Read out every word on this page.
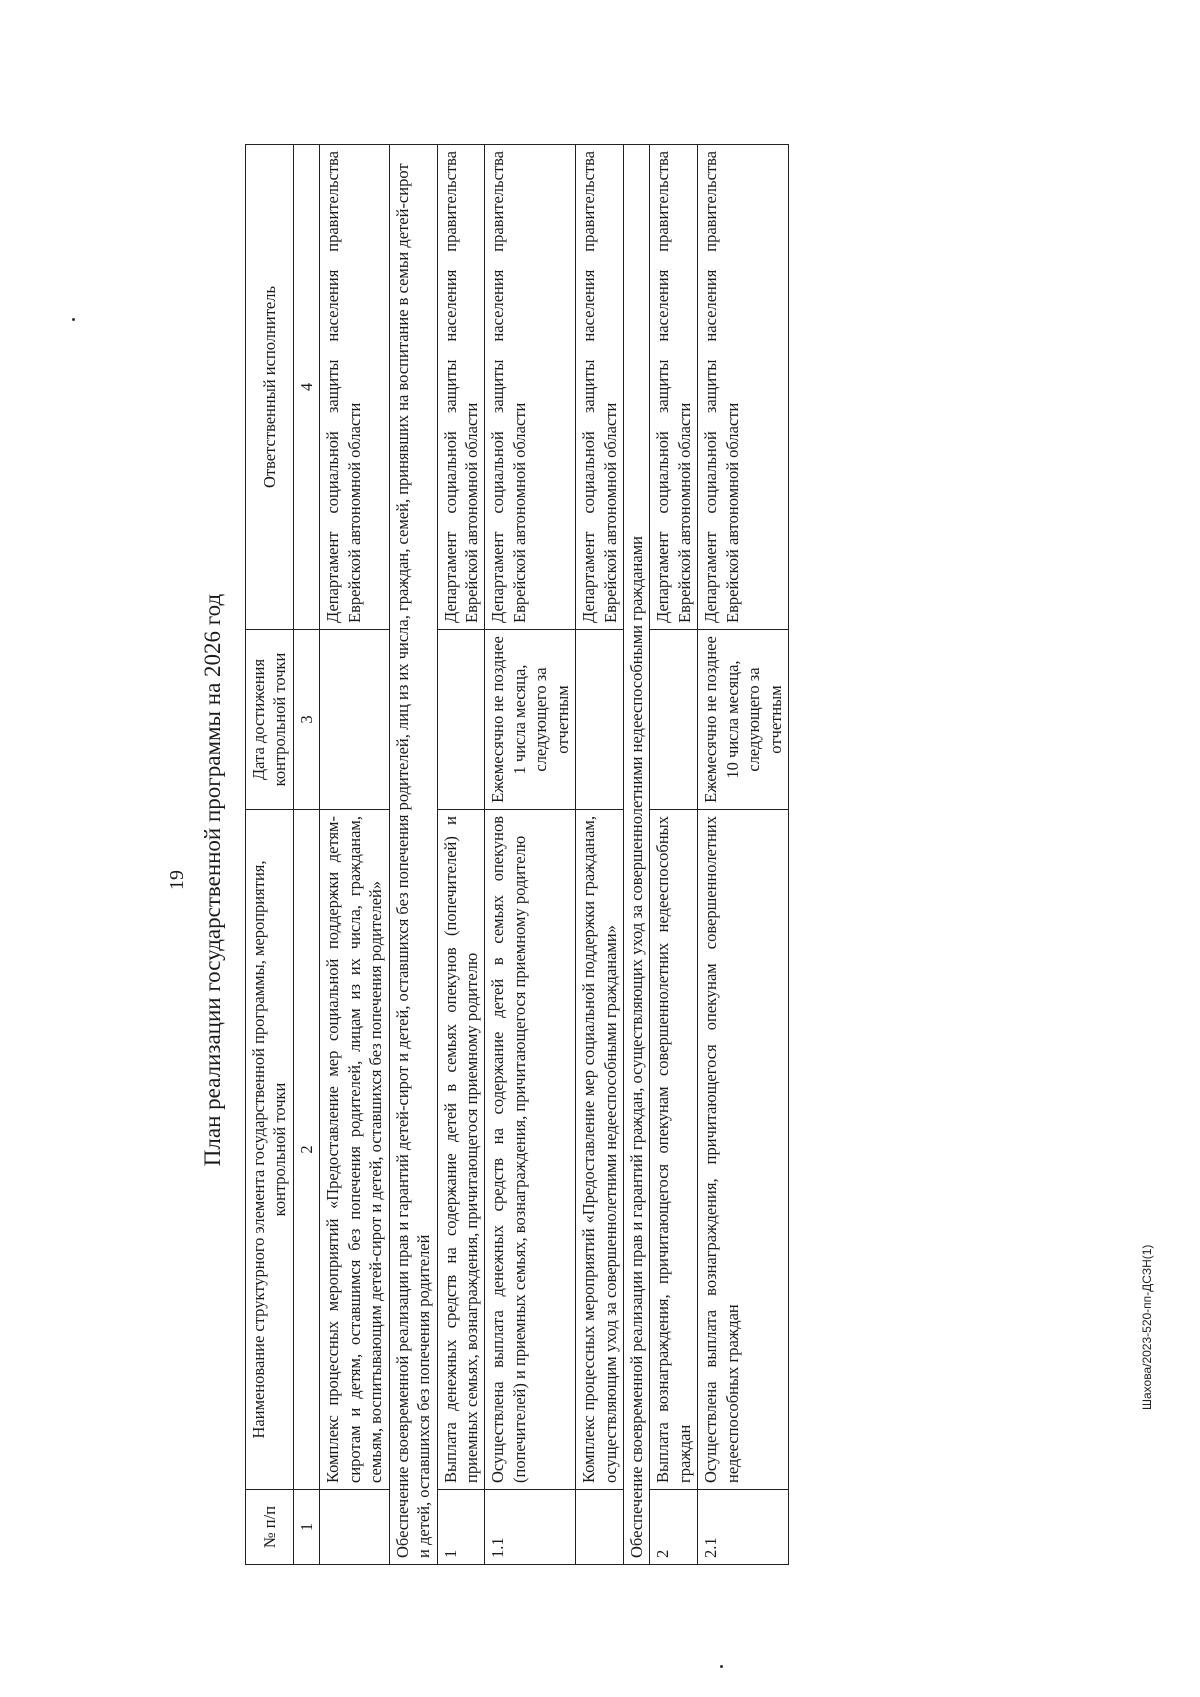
19 План реализации государственной программы на 2026 год
№ п/п	Наименование структурного элемента государственной программы, мероприятия, контрольной точки	Дата достижения контрольной точки	Ответственный исполнитель
1	2	3	4
	Комплекс процессных мероприятий «Предоставление мер социальной поддержки детям-сиротам и детям, оставшимся без попечения родителей, лицам из их числа, гражданам, семьям, воспитывающим детей-сирот и детей, оставшихся без попечения родителей»		Департамент социальной защиты населения правительства Еврейской автономной области
Обеспечение своевременной реализации прав и гарантий детей-сирот и детей, оставшихся без попечения родителей, лиц из их числа, граждан, семей, принявших на воспитание в семьи детей-сирот и детей, оставшихся без попечения родителей			
1	Выплата денежных средств на содержание детей в семьях опекунов (попечителей) и приемных семьях, вознаграждения, причитающегося приемному родителю		Департамент социальной защиты населения правительства Еврейской автономной области
1.1	Осуществлена выплата денежных средств на содержание детей в семьях опекунов (попечителей) и приемных семьях, вознаграждения, причитающегося приемному родителю	Ежемесячно не позднее 1 числа месяца, следующего за отчетным	Департамент социальной защиты населения правительства Еврейской автономной области
	Комплекс процессных мероприятий «Предоставление мер социальной поддержки гражданам, осуществляющим уход за совершеннолетними недееспособными гражданами»		Департамент социальной защиты населения правительства Еврейской автономной области
Обеспечение своевременной реализации прав и гарантий граждан, осуществляющих уход за совершеннолетними недееспособными гражданами			
2	Выплата вознаграждения, причитающегося опекунам совершеннолетних недееспособных граждан		Департамент социальной защиты населения правительства Еврейской автономной области
2.1	Осуществлена выплата вознаграждения, причитающегося опекунам совершеннолетних недееспособных граждан	Ежемесячно не позднее 10 числа месяца, следующего за отчетным	Департамент социальной защиты населения правительства Еврейской автономной области
Шахова/2023-520-пп-ДСЗН(1)
